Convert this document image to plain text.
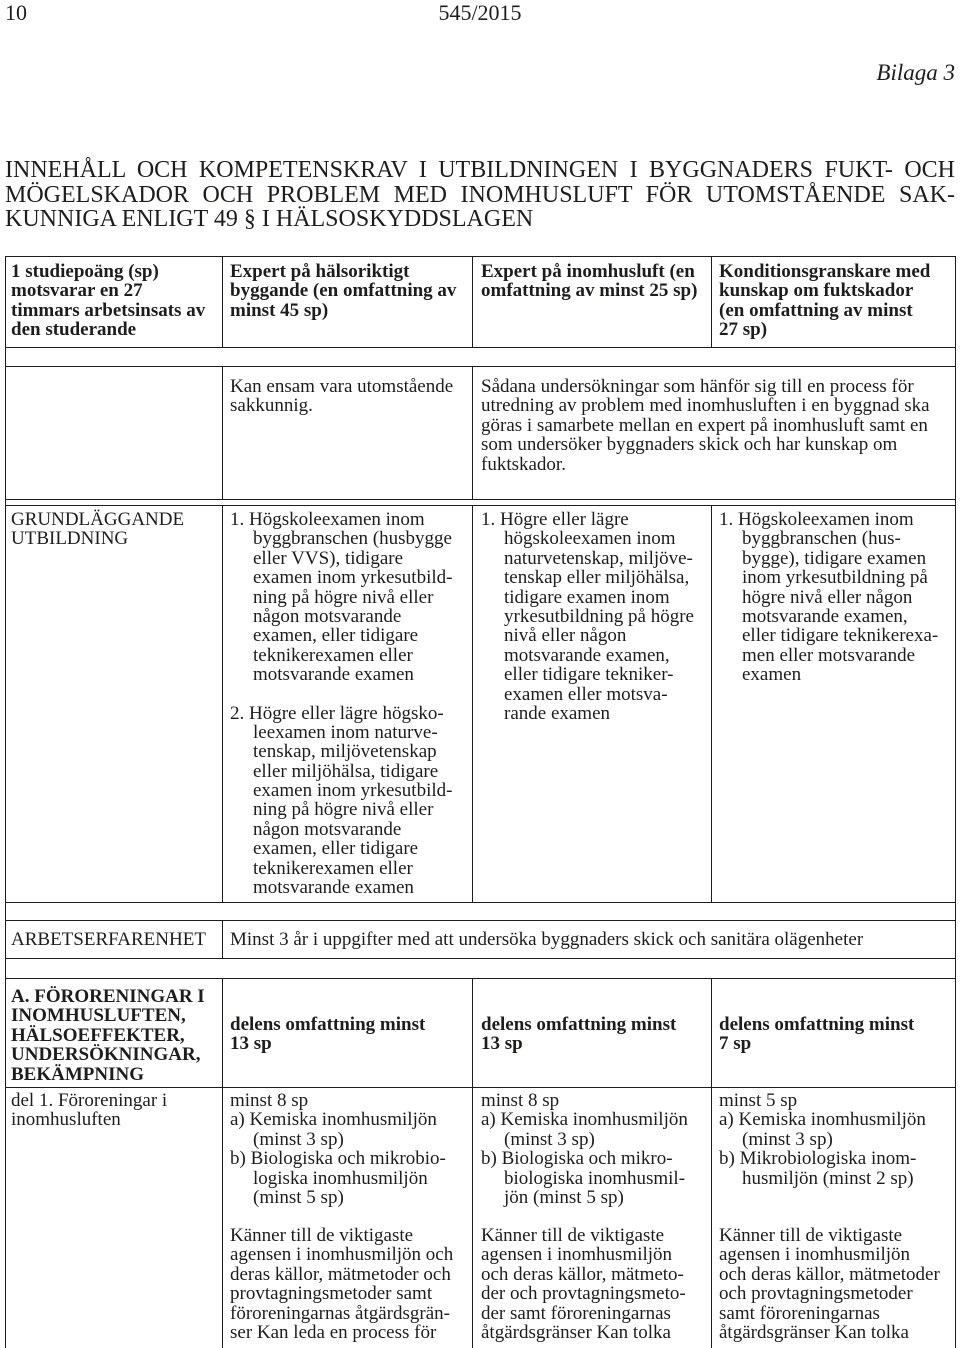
10	545/2015
Bilaga 3
INNEHÅLL OCH KOMPETENSKRAV I UTBILDNINGEN I BYGGNADERS FUKT- OCH
MÖGELSKADOR OCH PROBLEM MED INOMHUSLUFT FÖR UTOMSTÅENDE SAK-
KUNNIGA ENLIGT 49 § I HÄLSOSKYDDSLAGEN
1 studiepoäng (sp)
motsvarar en 27
timmars arbetsinsats av
den studerande
Expert på hälsoriktigt
byggande (en omfattning av
minst 45 sp)
Expert på inomhusluft (en
omfattning av minst 25 sp)
Konditionsgranskare med
kunskap om fuktskador
(en omfattning av minst
27 sp)
Kan ensam vara utomstående
sakkunnig.
Sådana undersökningar som hänför sig till en process för
utredning av problem med inomhusluften i en byggnad ska
göras i samarbete mellan en expert på inomhusluft samt en
som undersöker byggnaders skick och har kunskap om
fuktskador.
GRUNDLÄGGANDE
UTBILDNING
1. Högskoleexamen inom
byggbranschen (husbygge
eller VVS), tidigare
examen inom yrkesutbild-
ning på högre nivå eller
någon motsvarande
examen, eller tidigare
teknikerexamen eller
motsvarande examen
2. Högre eller lägre högsko-
leexamen inom naturve-
tenskap, miljövetenskap
eller miljöhälsa, tidigare
examen inom yrkesutbild-
ning på högre nivå eller
någon motsvarande
examen, eller tidigare
teknikerexamen eller
motsvarande examen
1. Högre eller lägre
högskoleexamen inom
naturvetenskap, miljöve-
tenskap eller miljöhälsa,
tidigare examen inom
yrkesutbildning på högre
nivå eller någon
motsvarande examen,
eller tidigare tekniker-
examen eller motsva-
rande examen
1. Högskoleexamen inom
byggbranschen (hus-
bygge), tidigare examen
inom yrkesutbildning på
högre nivå eller någon
motsvarande examen,
eller tidigare teknikerexa-
men eller motsvarande
examen
ARBETSERFARENHET Minst 3 år i uppgifter med att undersöka byggnaders skick och sanitära olägenheter
A. FÖRORENINGAR I
INOMHUSLUFTEN,
HÄLSOEFFEKTER,
UNDERSÖKNINGAR,
BEKÄMPNING
delens omfattning minst
13 sp
delens omfattning minst
13 sp
delens omfattning minst
7 sp
del 1. Föroreningar i
inomhusluften
minst 8 sp
a) Kemiska inomhusmiljön
(minst 3 sp)
b) Biologiska och mikrobio-
logiska inomhusmiljön
(minst 5 sp)
minst 8 sp
a) Kemiska inomhusmiljön
(minst 3 sp)
b) Biologiska och mikro-
biologiska inomhusmil-
jön (minst 5 sp)
minst 5 sp
a) Kemiska inomhusmiljön
(minst 3 sp)
b) Mikrobiologiska inom-
husmiljön (minst 2 sp)
Känner till de viktigaste
agensen i inomhusmiljön och
deras källor, mätmetoder och
provtagningsmetoder samt
föroreningarnas åtgärdsgrän-
ser Kan leda en process för
Känner till de viktigaste
agensen i inomhusmiljön
och deras källor, mätmeto-
der och provtagningsmeto-
der samt föroreningarnas
åtgärdsgränser Kan tolka
Känner till de viktigaste
agensen i inomhusmiljön
och deras källor, mätmetoder
och provtagningsmetoder
samt föroreningarnas
åtgärdsgränser Kan tolka
